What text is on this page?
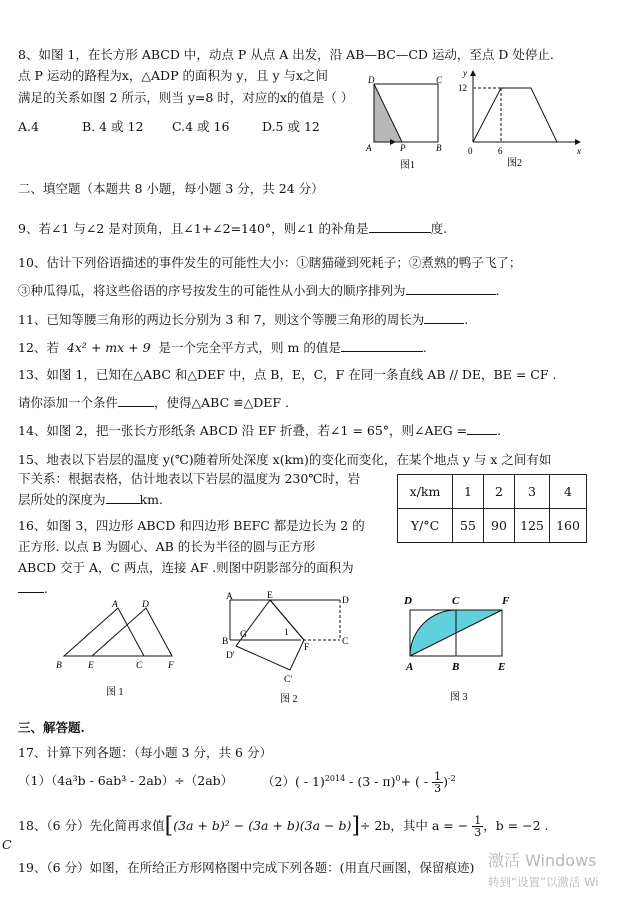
8、如图 1，在长方形 ABCD 中，动点 P 从点 A 出发，沿 AB—BC—CD 运动，至点 D 处停止.
点 P 运动的路程为x，△ADP 的面积为 y，且 y 与x之间
满足的关系如图 2 所示，则当 y=8 时，对应的x的值是（ ）
A.4	B. 4 或 12 C.4 或 16	D.5 或 12
D	C
A	P	B
图1
y
x
12
0	6
图2
二、填空题（本题共 8 小题，每小题 3 分，共 24 分）
9、若∠1 与∠2 是对顶角，且∠1+∠2=140°，则∠1 的补角是	度.
10、估计下列俗语描述的事件发生的可能性大小：①瞎猫碰到死耗子；②煮熟的鸭子飞了；
③种瓜得瓜，将这些俗语的序号按发生的可能性从小到大的顺序排列为	.
11、已知等腰三角形的两边长分别为 3 和 7，则这个等腰三角形的周长为	.
12、若 4x² + mx + 9 是一个完全平方式，则 m 的值是	.
13、如图 1，已知在△ABC 和△DEF 中，点 B，E，C，F 在同一条直线 AB // DE，BE = CF .
请你添加一个条件	，使得△ABC ≌△DEF .
14、如图 2，把一张长方形纸条 ABCD 沿 EF 折叠，若∠1 = 65°，则∠AEG = .
15、地表以下岩层的温度 y(℃)随着所处深度 x(km)的变化而变化，在某个地点 y 与 x 之间有如
下关系：根据表格，估计地表以下岩层的温度为 230℃时，岩
层所处的深度为	km.
x/km	1	2	3	4
Y/°C	55	90	125	160
16、如图 3，四边形 ABCD 和四边形 BEFC 都是边长为 2 的
正方形. 以点 B 为圆心、AB 的长为半径的圆与正方形
ABCD 交于 A，C 两点，连接 AF .则图中阴影部分的面积为
.
A	D
B	E	C	F
图 1
A	E	D
B
G	1
C
F
D'
C'
图 2
D	C	F
A	B	E
图 3
三、解答题.
17、计算下列各题：（每小题 3 分，共 6 分）
（1）（4a³b - 6ab³ - 2ab）÷（2ab） （2）( - 1)$^{2014}$ - (3 - π)$^0$+ ( - $\frac{1}{3} )^{-2}$
18、（6 分）先化简再求值[(3a + b)² − (3a + b)(3a − b)]÷ 2b，其中 a = − $\frac{1}{3}$ ，b = −2 .
C
19、（6 分）如图，在所给正方形网格图中完成下列各题：(用直尺画图，保留痕迹) 激活 Windows
转到“设置”以激活 Wi
